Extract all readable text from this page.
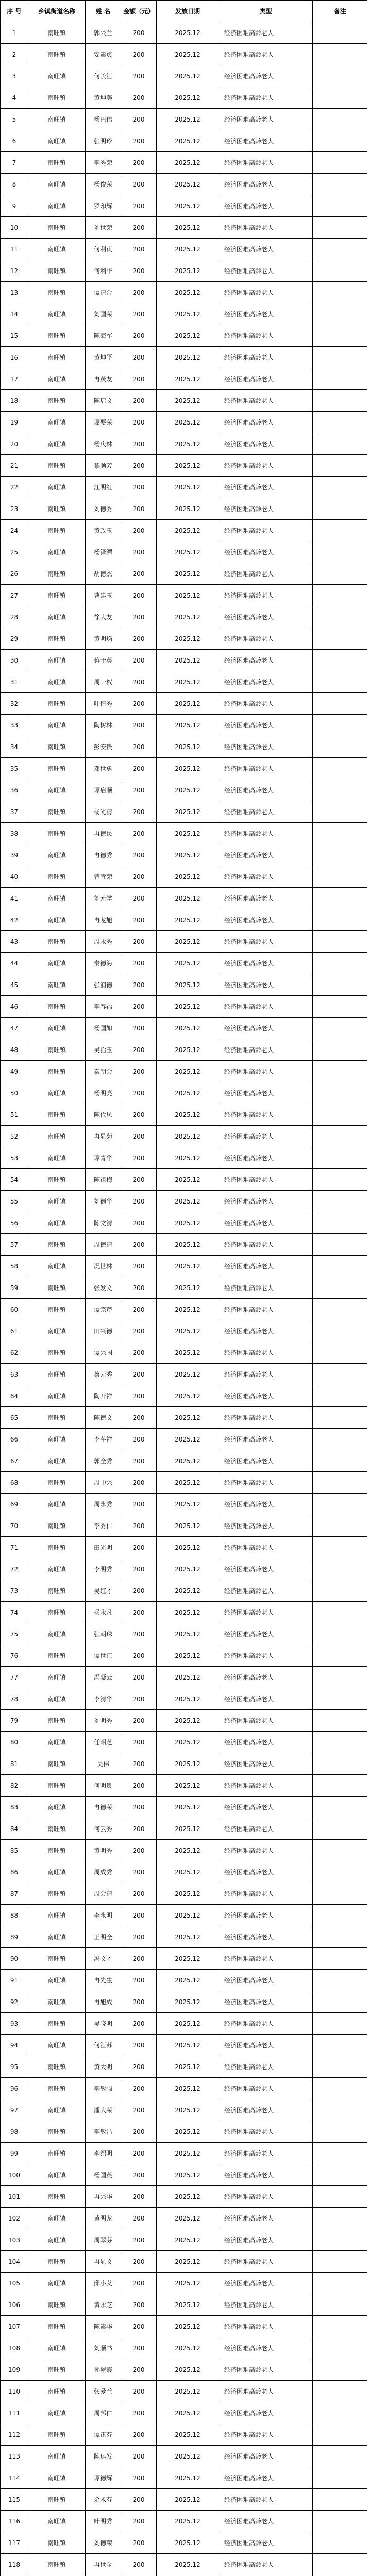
序 号	乡镇街道名称	姓 名	金额（元）	发放日期	类型	备注
1	南旺镇	郭兴兰	200	2025.12	经济困难高龄老人	
2	南旺镇	安素贞	200	2025.12	经济困难高龄老人	
3	南旺镇	何长江	200	2025.12	经济困难高龄老人	
4	南旺镇	黄坤美	200	2025.12	经济困难高龄老人	
5	南旺镇	杨巴伟	200	2025.12	经济困难高龄老人	
6	南旺镇	张明珍	200	2025.12	经济困难高龄老人	
7	南旺镇	李秀荣	200	2025.12	经济困难高龄老人	
8	南旺镇	杨俊荣	200	2025.12	经济困难高龄老人	
9	南旺镇	罗印辉	200	2025.12	经济困难高龄老人	
10	南旺镇	刘世荣	200	2025.12	经济困难高龄老人	
11	南旺镇	何利贞	200	2025.12	经济困难高龄老人	
12	南旺镇	何利华	200	2025.12	经济困难高龄老人	
13	南旺镇	谭清合	200	2025.12	经济困难高龄老人	
14	南旺镇	刘国荣	200	2025.12	经济困难高龄老人	
15	南旺镇	陈海军	200	2025.12	经济困难高龄老人	
16	南旺镇	黄坤平	200	2025.12	经济困难高龄老人	
17	南旺镇	冉茂友	200	2025.12	经济困难高龄老人	
18	南旺镇	陈启文	200	2025.12	经济困难高龄老人	
19	南旺镇	谭要荣	200	2025.12	经济困难高龄老人	
20	南旺镇	杨庆林	200	2025.12	经济困难高龄老人	
21	南旺镇	黎顺芳	200	2025.12	经济困难高龄老人	
22	南旺镇	汪明红	200	2025.12	经济困难高龄老人	
23	南旺镇	刘德秀	200	2025.12	经济困难高龄老人	
24	南旺镇	黄政玉	200	2025.12	经济困难高龄老人	
25	南旺镇	杨泽潭	200	2025.12	经济困难高龄老人	
26	南旺镇	胡德杰	200	2025.12	经济困难高龄老人	
27	南旺镇	曹建玉	200	2025.12	经济困难高龄老人	
28	南旺镇	徐大友	200	2025.12	经济困难高龄老人	
29	南旺镇	黄明焰	200	2025.12	经济困难高龄老人	
30	南旺镇	蒋于英	200	2025.12	经济困难高龄老人	
31	南旺镇	周一权	200	2025.12	经济困难高龄老人	
32	南旺镇	叶恒秀	200	2025.12	经济困难高龄老人	
33	南旺镇	陶树林	200	2025.12	经济困难高龄老人	
34	南旺镇	彭安贵	200	2025.12	经济困难高龄老人	
35	南旺镇	邓世勇	200	2025.12	经济困难高龄老人	
36	南旺镇	谭启顺	200	2025.12	经济困难高龄老人	
37	南旺镇	杨光清	200	2025.12	经济困难高龄老人	
38	南旺镇	冉德民	200	2025.12	经济困难高龄老人	
39	南旺镇	冉德秀	200	2025.12	经济困难高龄老人	
40	南旺镇	曾青荣	200	2025.12	经济困难高龄老人	
41	南旺镇	刘元学	200	2025.12	经济困难高龄老人	
42	南旺镇	冉龙旭	200	2025.12	经济困难高龄老人	
43	南旺镇	周永秀	200	2025.12	经济困难高龄老人	
44	南旺镇	秦德海	200	2025.12	经济困难高龄老人	
45	南旺镇	张润德	200	2025.12	经济困难高龄老人	
46	南旺镇	李春福	200	2025.12	经济困难高龄老人	
47	南旺镇	杨国如	200	2025.12	经济困难高龄老人	
48	南旺镇	吴治玉	200	2025.12	经济困难高龄老人	
49	南旺镇	秦朝会	200	2025.12	经济困难高龄老人	
50	南旺镇	杨明亮	200	2025.12	经济困难高龄老人	
51	南旺镇	陈代凤	200	2025.12	经济困难高龄老人	
52	南旺镇	冉显菊	200	2025.12	经济困难高龄老人	
53	南旺镇	谭青华	200	2025.12	经济困难高龄老人	
54	南旺镇	陈祖梅	200	2025.12	经济困难高龄老人	
55	南旺镇	刘德华	200	2025.12	经济困难高龄老人	
56	南旺镇	陈文清	200	2025.12	经济困难高龄老人	
57	南旺镇	周德清	200	2025.12	经济困难高龄老人	
58	南旺镇	况世林	200	2025.12	经济困难高龄老人	
59	南旺镇	张发文	200	2025.12	经济困难高龄老人	
60	南旺镇	谭宗芹	200	2025.12	经济困难高龄老人	
61	南旺镇	田兴德	200	2025.12	经济困难高龄老人	
62	南旺镇	谭兴国	200	2025.12	经济困难高龄老人	
63	南旺镇	蔡元秀	200	2025.12	经济困难高龄老人	
64	南旺镇	陶开祥	200	2025.12	经济困难高龄老人	
65	南旺镇	陈德文	200	2025.12	经济困难高龄老人	
66	南旺镇	李芊祥	200	2025.12	经济困难高龄老人	
67	南旺镇	郭全秀	200	2025.12	经济困难高龄老人	
68	南旺镇	周中兴	200	2025.12	经济困难高龄老人	
69	南旺镇	周永秀	200	2025.12	经济困难高龄老人	
70	南旺镇	李秀仁	200	2025.12	经济困难高龄老人	
71	南旺镇	田光明	200	2025.12	经济困难高龄老人	
72	南旺镇	李明秀	200	2025.12	经济困难高龄老人	
73	南旺镇	吴红才	200	2025.12	经济困难高龄老人	
74	南旺镇	杨永凡	200	2025.12	经济困难高龄老人	
75	南旺镇	张朝珠	200	2025.12	经济困难高龄老人	
76	南旺镇	谭世江	200	2025.12	经济困难高龄老人	
77	南旺镇	冯凝云	200	2025.12	经济困难高龄老人	
78	南旺镇	李清华	200	2025.12	经济困难高龄老人	
79	南旺镇	刘明秀	200	2025.12	经济困难高龄老人	
80	南旺镇	任昭芝	200	2025.12	经济困难高龄老人	
81	南旺镇	吴伟	200	2025.12	经济困难高龄老人	
82	南旺镇	何明贵	200	2025.12	经济困难高龄老人	
83	南旺镇	冉德荣	200	2025.12	经济困难高龄老人	
84	南旺镇	何云秀	200	2025.12	经济困难高龄老人	
85	南旺镇	黄明秀	200	2025.12	经济困难高龄老人	
86	南旺镇	周成秀	200	2025.12	经济困难高龄老人	
87	南旺镇	周会清	200	2025.12	经济困难高龄老人	
88	南旺镇	李永明	200	2025.12	经济困难高龄老人	
89	南旺镇	王明全	200	2025.12	经济困难高龄老人	
90	南旺镇	冯文才	200	2025.12	经济困难高龄老人	
91	南旺镇	冉先生	200	2025.12	经济困难高龄老人	
92	南旺镇	冉旭成	200	2025.12	经济困难高龄老人	
93	南旺镇	吴晓明	200	2025.12	经济困难高龄老人	
94	南旺镇	何江苏	200	2025.12	经济困难高龄老人	
95	南旺镇	黄大明	200	2025.12	经济困难高龄老人	
96	南旺镇	李敏强	200	2025.12	经济困难高龄老人	
97	南旺镇	潘大荣	200	2025.12	经济困难高龄老人	
98	南旺镇	李敏昌	200	2025.12	经济困难高龄老人	
99	南旺镇	李绍明	200	2025.12	经济困难高龄老人	
100	南旺镇	杨国英	200	2025.12	经济困难高龄老人	
101	南旺镇	冉兴华	200	2025.12	经济困难高龄老人	
102	南旺镇	黄明龙	200	2025.12	经济困难高龄老人	
103	南旺镇	周翠芬	200	2025.12	经济困难高龄老人	
104	南旺镇	冉显文	200	2025.12	经济困难高龄老人	
105	南旺镇	邱小艾	200	2025.12	经济困难高龄老人	
106	南旺镇	黄永芝	200	2025.12	经济困难高龄老人	
107	南旺镇	陈素华	200	2025.12	经济困难高龄老人	
108	南旺镇	刘顺书	200	2025.12	经济困难高龄老人	
109	南旺镇	孙翠霞	200	2025.12	经济困难高龄老人	
110	南旺镇	张爱兰	200	2025.12	经济困难高龄老人	
111	南旺镇	周邦仁	200	2025.12	经济困难高龄老人	
112	南旺镇	谭正芬	200	2025.12	经济困难高龄老人	
113	南旺镇	陈运发	200	2025.12	经济困难高龄老人	
114	南旺镇	谭德辉	200	2025.12	经济困难高龄老人	
115	南旺镇	余术芬	200	2025.12	经济困难高龄老人	
116	南旺镇	叶明秀	200	2025.12	经济困难高龄老人	
117	南旺镇	刘德荣	200	2025.12	经济困难高龄老人	
118	南旺镇	冉世全	200	2025.12	经济困难高龄老人	
